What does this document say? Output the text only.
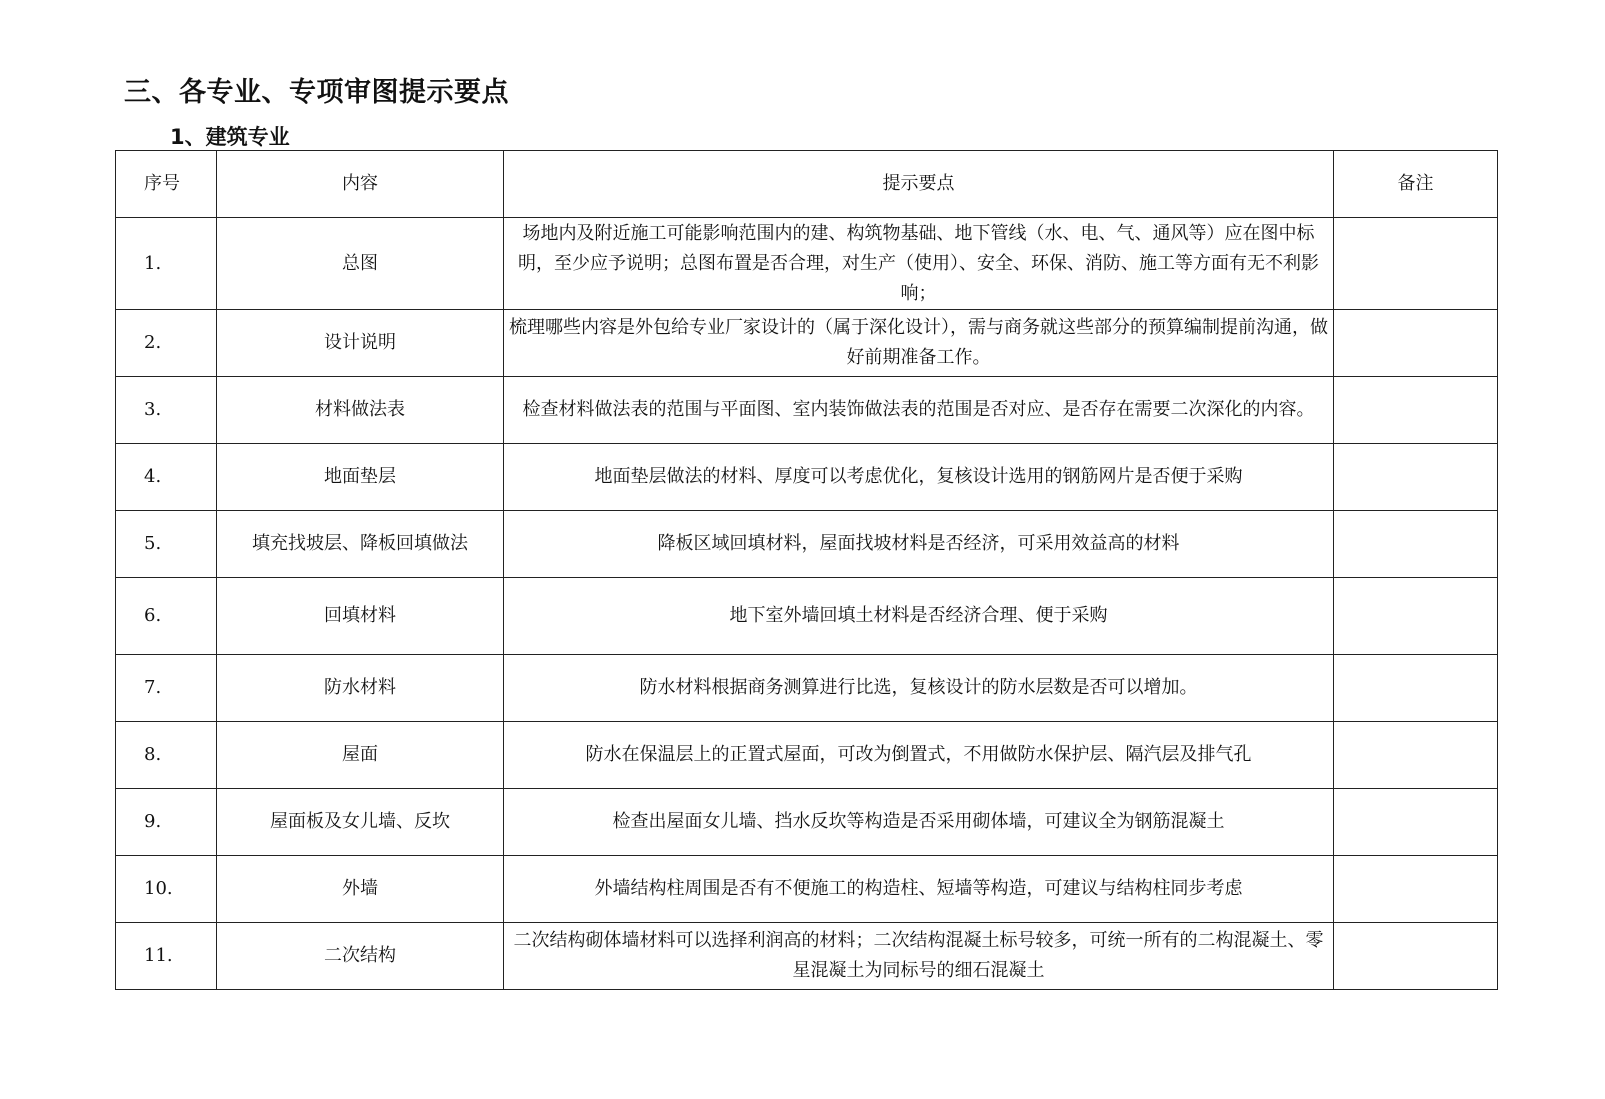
三、各专业、专项审图提示要点
1、建筑专业
序号	内容	提示要点	备注
1.	总图	场地内及附近施工可能影响范围内的建、构筑物基础、地下管线（水、电、气、通风等）应在图中标明，至少应予说明；总图布置是否合理，对生产（使用）、安全、环保、消防、施工等方面有无不利影响；	
2.	设计说明	梳理哪些内容是外包给专业厂家设计的（属于深化设计），需与商务就这些部分的预算编制提前沟通，做好前期准备工作。	
3.	材料做法表	检查材料做法表的范围与平面图、室内装饰做法表的范围是否对应、是否存在需要二次深化的内容。	
4.	地面垫层	地面垫层做法的材料、厚度可以考虑优化，复核设计选用的钢筋网片是否便于采购	
5.	填充找坡层、降板回填做法	降板区域回填材料，屋面找坡材料是否经济，可采用效益高的材料	
6.	回填材料	地下室外墙回填土材料是否经济合理、便于采购	
7.	防水材料	防水材料根据商务测算进行比选，复核设计的防水层数是否可以增加。	
8.	屋面	防水在保温层上的正置式屋面，可改为倒置式，不用做防水保护层、隔汽层及排气孔	
9.	屋面板及女儿墙、反坎	检查出屋面女儿墙、挡水反坎等构造是否采用砌体墙，可建议全为钢筋混凝土	
10.	外墙	外墙结构柱周围是否有不便施工的构造柱、短墙等构造，可建议与结构柱同步考虑	
11.	二次结构	二次结构砌体墙材料可以选择利润高的材料；二次结构混凝土标号较多，可统一所有的二构混凝土、零星混凝土为同标号的细石混凝土	
